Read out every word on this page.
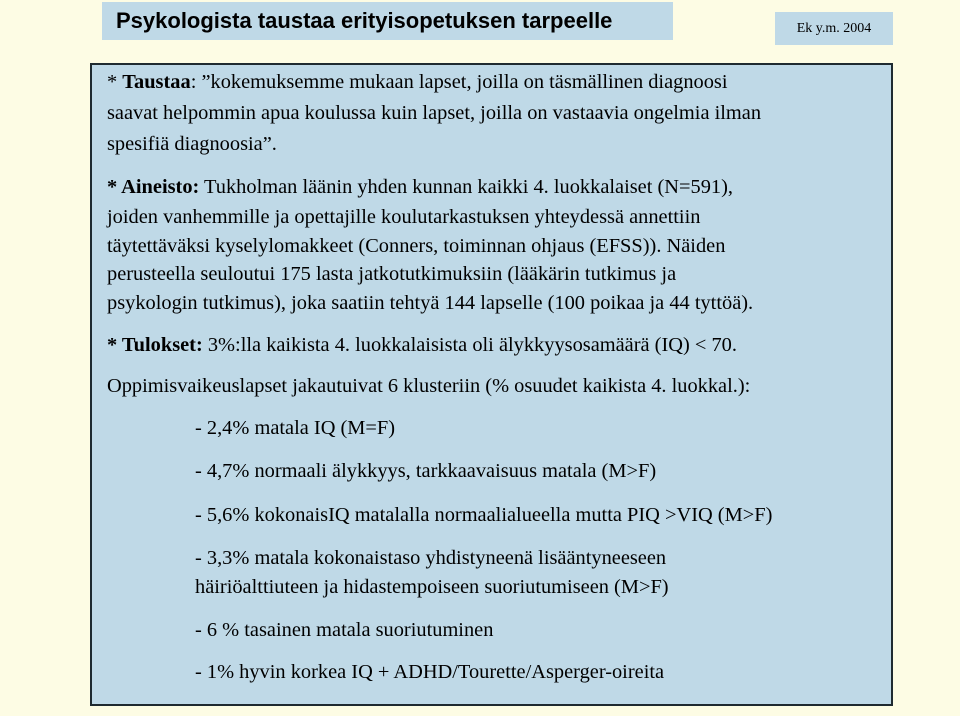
Psykologista taustaa erityisopetuksen tarpeelle	Ek y.m. 2004
* Taustaa: ”kokemuksemme mukaan lapset, joilla on täsmällinen diagnoosi
saavat helpommin apua koulussa kuin lapset, joilla on vastaavia ongelmia ilman
spesifiä diagnoosia”.
* Aineisto: Tukholman läänin yhden kunnan kaikki 4. luokkalaiset (N=591),
joiden vanhemmille ja opettajille koulutarkastuksen yhteydessä annettiin
täytettäväksi kyselylomakkeet (Conners, toiminnan ohjaus (EFSS)). Näiden
perusteella seuloutui 175 lasta jatkotutkimuksiin (lääkärin tutkimus ja
psykologin tutkimus), joka saatiin tehtyä 144 lapselle (100 poikaa ja 44 tyttöä).
* Tulokset: 3%:lla kaikista 4. luokkalaisista oli älykkyysosamäärä (IQ) < 70.
Oppimisvaikeuslapset jakautuivat 6 klusteriin (% osuudet kaikista 4. luokkal.):
- 2,4% matala IQ (M=F)
- 4,7% normaali älykkyys, tarkkaavaisuus matala (M>F)
- 5,6% kokonaisIQ matalalla normaalialueella mutta PIQ >VIQ (M>F)
- 3,3% matala kokonaistaso yhdistyneenä lisääntyneeseen
häiriöalttiuteen ja hidastempoiseen suoriutumiseen (M>F)
- 6 % tasainen matala suoriutuminen
- 1% hyvin korkea IQ + ADHD/Tourette/Asperger-oireita
